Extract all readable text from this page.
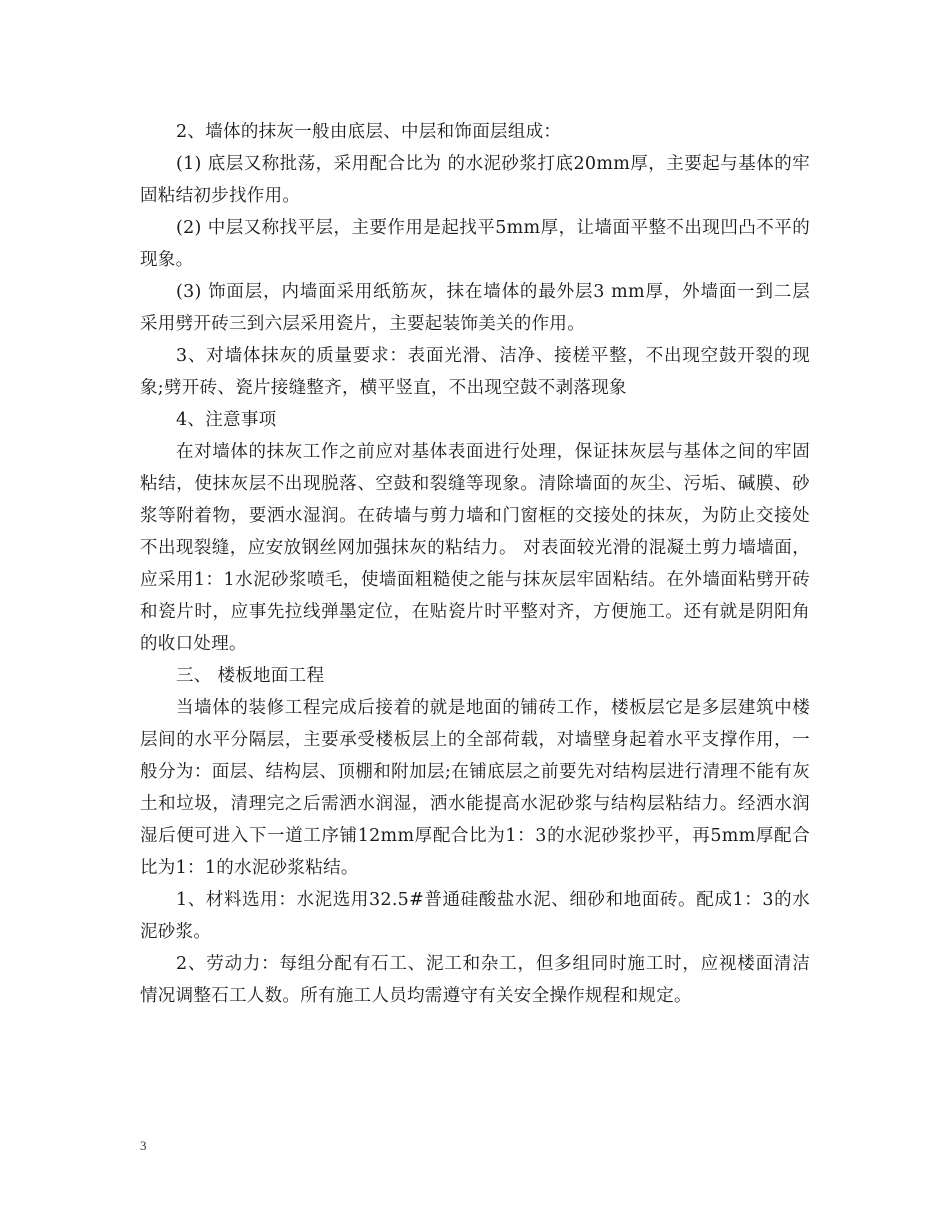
2、墙体的抹灰一般由底层、中层和饰面层组成：

(1) 底层又称批荡，采用配合比为 的水泥砂浆打底20mm厚，主要起与基体的牢固粘结初步找作用。

(2) 中层又称找平层，主要作用是起找平5mm厚，让墙面平整不出现凹凸不平的现象。

(3) 饰面层，内墙面采用纸筋灰，抹在墙体的最外层3 mm厚，外墙面一到二层采用劈开砖三到六层采用瓷片，主要起装饰美关的作用。

3、对墙体抹灰的质量要求：表面光滑、洁净、接槎平整，不出现空鼓开裂的现象;劈开砖、瓷片接缝整齐，横平竖直，不出现空鼓不剥落现象

4、注意事项

在对墙体的抹灰工作之前应对基体表面进行处理，保证抹灰层与基体之间的牢固粘结，使抹灰层不出现脱落、空鼓和裂缝等现象。清除墙面的灰尘、污垢、碱膜、砂浆等附着物，要洒水湿润。在砖墙与剪力墙和门窗框的交接处的抹灰，为防止交接处不出现裂缝，应安放钢丝网加强抹灰的粘结力。 对表面较光滑的混凝土剪力墙墙面，应采用1：1水泥砂浆喷毛，使墙面粗糙使之能与抹灰层牢固粘结。在外墙面粘劈开砖和瓷片时，应事先拉线弹墨定位，在贴瓷片时平整对齐，方便施工。还有就是阴阳角的收口处理。

三、 楼板地面工程

当墙体的装修工程完成后接着的就是地面的铺砖工作，楼板层它是多层建筑中楼层间的水平分隔层，主要承受楼板层上的全部荷载，对墙壁身起着水平支撑作用，一般分为：面层、结构层、顶棚和附加层;在铺底层之前要先对结构层进行清理不能有灰土和垃圾，清理完之后需洒水润湿，洒水能提高水泥砂浆与结构层粘结力。经洒水润湿后便可进入下一道工序铺12mm厚配合比为1：3的水泥砂浆抄平，再5mm厚配合比为1：1的水泥砂浆粘结。

1、材料选用：水泥选用32.5#普通硅酸盐水泥、细砂和地面砖。配成1：3的水泥砂浆。

2、劳动力：每组分配有石工、泥工和杂工，但多组同时施工时，应视楼面清洁情况调整石工人数。所有施工人员均需遵守有关安全操作规程和规定。

3
